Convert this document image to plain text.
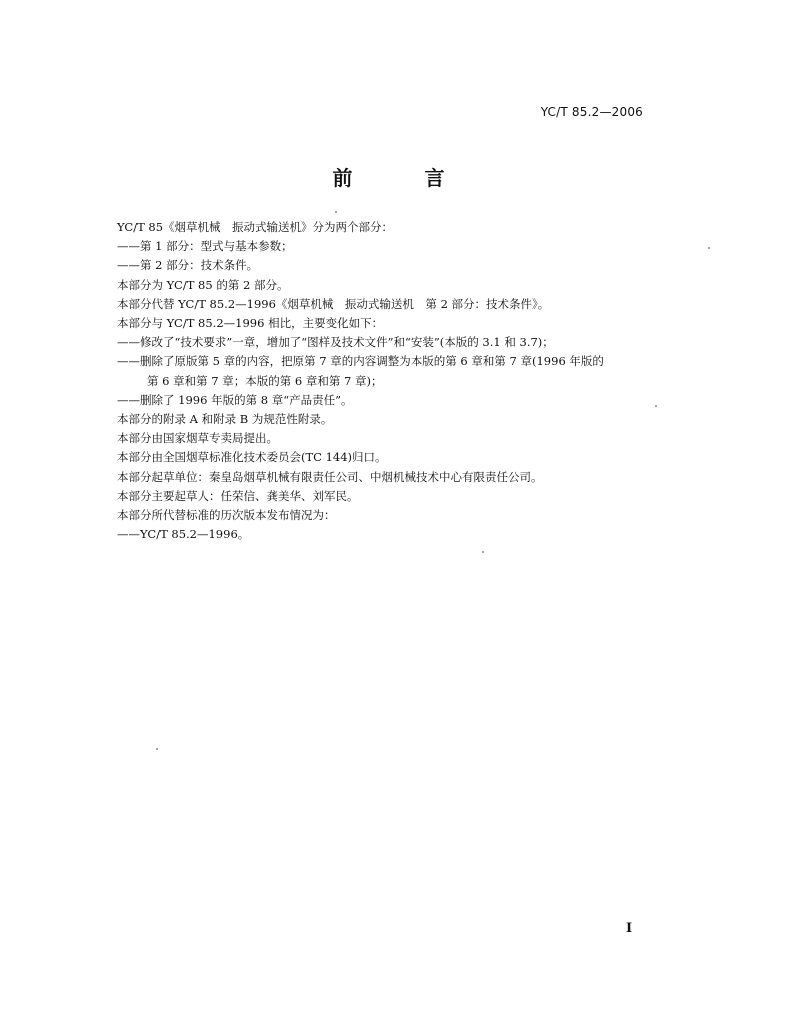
YC/T 85.2—2006
前　言

YC/T 85《烟草机械　振动式输送机》分为两个部分：

——第 1 部分：型式与基本参数；

——第 2 部分：技术条件。

本部分为 YC/T 85 的第 2 部分。

本部分代替 YC/T 85.2—1996《烟草机械　振动式输送机　第 2 部分：技术条件》。

本部分与 YC/T 85.2—1996 相比，主要变化如下：

——修改了“技术要求”一章，增加了“图样及技术文件”和“安装”(本版的 3.1 和 3.7)；

——删除了原版第 5 章的内容，把原第 7 章的内容调整为本版的第 6 章和第 7 章(1996 年版的

第 6 章和第 7 章；本版的第 6 章和第 7 章)；

——删除了 1996 年版的第 8 章“产品责任”。

本部分的附录 A 和附录 B 为规范性附录。

本部分由国家烟草专卖局提出。

本部分由全国烟草标准化技术委员会(TC 144)归口。

本部分起草单位：秦皇岛烟草机械有限责任公司、中烟机械技术中心有限责任公司。

本部分主要起草人：任荣信、龚美华、刘军民。

本部分所代替标准的历次版本发布情况为：

——YC/T 85.2—1996。

I
